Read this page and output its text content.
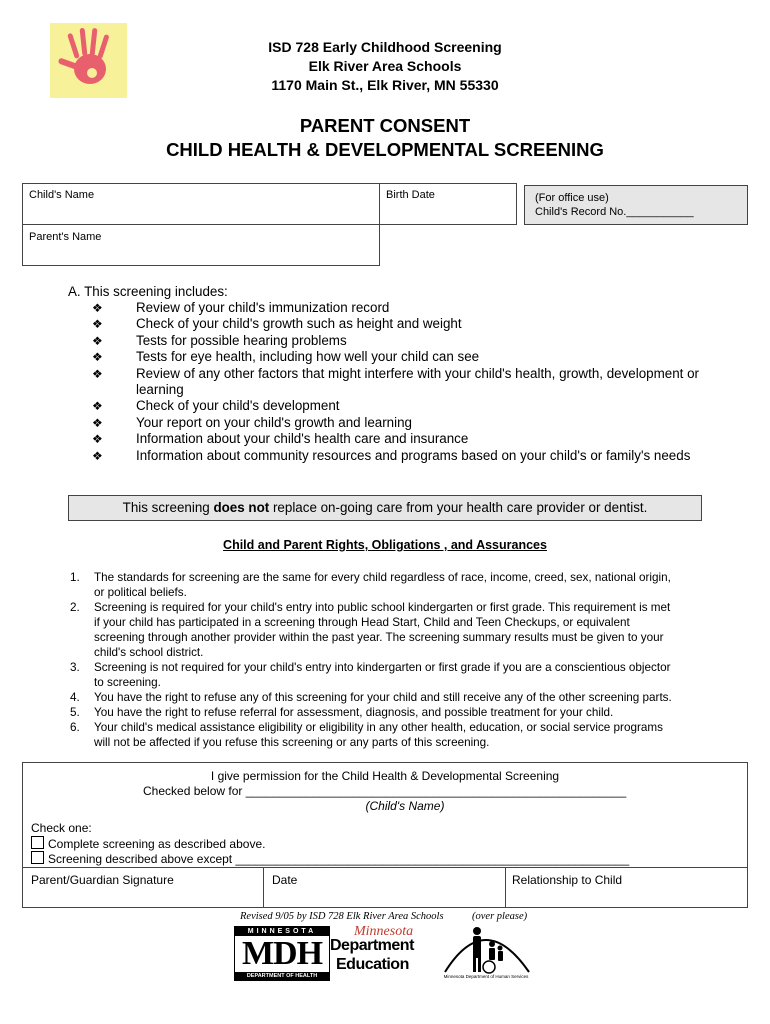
ISD 728 Early Childhood Screening
Elk River Area Schools
1170 Main St., Elk River, MN 55330
PARENT CONSENT
CHILD HEALTH & DEVELOPMENTAL SCREENING
Child's Name	Birth Date	(For office use)
Child's Record No.___________
Parent's Name
A. This screening includes:
❖ Review of your child's immunization record
❖ Check of your child's growth such as height and weight
❖ Tests for possible hearing problems
❖ Tests for eye health, including how well your child can see
❖ Review of any other factors that might interfere with your child's health, growth, development or
learning
❖ Check of your child's development
❖ Your report on your child's growth and learning
❖ Information about your child's health care and insurance
❖ Information about community resources and programs based on your child's or family's needs
This screening does not replace on-going care from your health care provider or dentist.
Child and Parent Rights, Obligations , and Assurances
1. The standards for screening are the same for every child regardless of race, income, creed, sex, national origin,
or political beliefs.
2. Screening is required for your child's entry into public school kindergarten or first grade. This requirement is met
if your child has participated in a screening through Head Start, Child and Teen Checkups, or equivalent
screening through another provider within the past year. The screening summary results must be given to your
child's school district.
3. Screening is not required for your child's entry into kindergarten or first grade if you are a conscientious objector
to screening.
4. You have the right to refuse any of this screening for your child and still receive any of the other screening parts.
5. You have the right to refuse referral for assessment, diagnosis, and possible treatment for your child.
6. Your child's medical assistance eligibility or eligibility in any other health, education, or social service programs
will not be affected if you refuse this screening or any parts of this screening.
I give permission for the Child Health & Developmental Screening
Checked below for _________________________________________________________
(Child's Name)
Check one:
Complete screening as described above.
Screening described above except ___________________________________________________________
Parent/Guardian Signature	Date	Relationship to Child
Revised 9/05 by ISD 728 Elk River Area Schools	(over please)
MINNESOTA
MDH
DEPARTMENT OF HEALTH
Minnesota
Department
Education
Minnesota Department of Human Services
